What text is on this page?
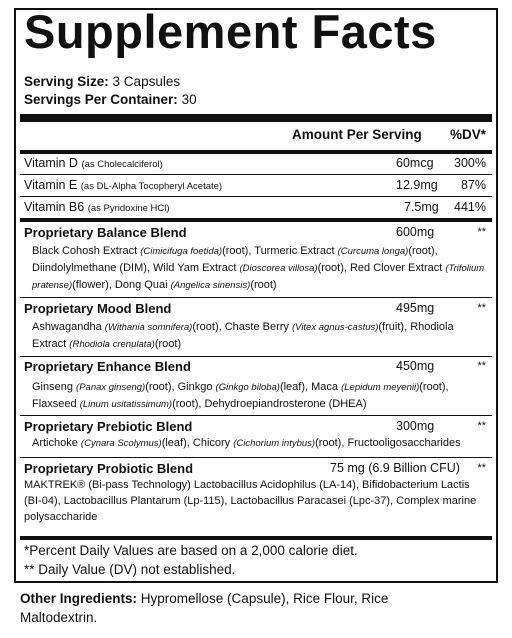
Supplement Facts
Serving Size: 3 Capsules
Servings Per Container: 30
Amount Per Serving %DV*
Vitamin D (as Cholecalciferol)	60mcg 300%
Vitamin E (as DL-Alpha Tocopheryl Acetate)	12.9mg 87%
Vitamin B6 (as Pyridoxine HCl)	7.5mg 441%
Proprietary Balance Blend	600mg	**
Black Cohosh Extract (Cimicifuga foetida)(root), Turmeric Extract (Curcuma longa)(root), Diindolylmethane (DIM), Wild Yam Extract (Dioscorea villosa)(root), Red Clover Extract (Trifolium pratense)(flower), Dong Quai (Angelica sinensis)(root)
Proprietary Mood Blend	495mg	**
Ashwagandha (Withania somnifera)(root), Chaste Berry (Vitex agnus-castus)(fruit), Rhodiola Extract (Rhodiola crenulata)(root)
Proprietary Enhance Blend	450mg	**
Ginseng (Panax ginseng)(root), Ginkgo (Ginkgo biloba)(leaf), Maca (Lepidum meyenii)(root), Flaxseed (Linum usitatissimum)(root), Dehydroepiandrosterone (DHEA)
Proprietary Prebiotic Blend	300mg	**
Artichoke (Cynara Scolymus)(leaf), Chicory (Cichorium intybus)(root), Fructooligosaccharides
Proprietary Probiotic Blend	75 mg (6.9 Billion CFU) **
MAKTREK® (Bi-pass Technology) Lactobacillus Acidophilus (LA-14), Bifidobacterium Lactis (BI-04), Lactobacillus Plantarum (Lp-115), Lactobacillus Paracasei (Lpc-37), Complex marine polysaccharide
*Percent Daily Values are based on a 2,000 calorie diet.
** Daily Value (DV) not established.
Other Ingredients: Hypromellose (Capsule), Rice Flour, Rice Maltodextrin.
